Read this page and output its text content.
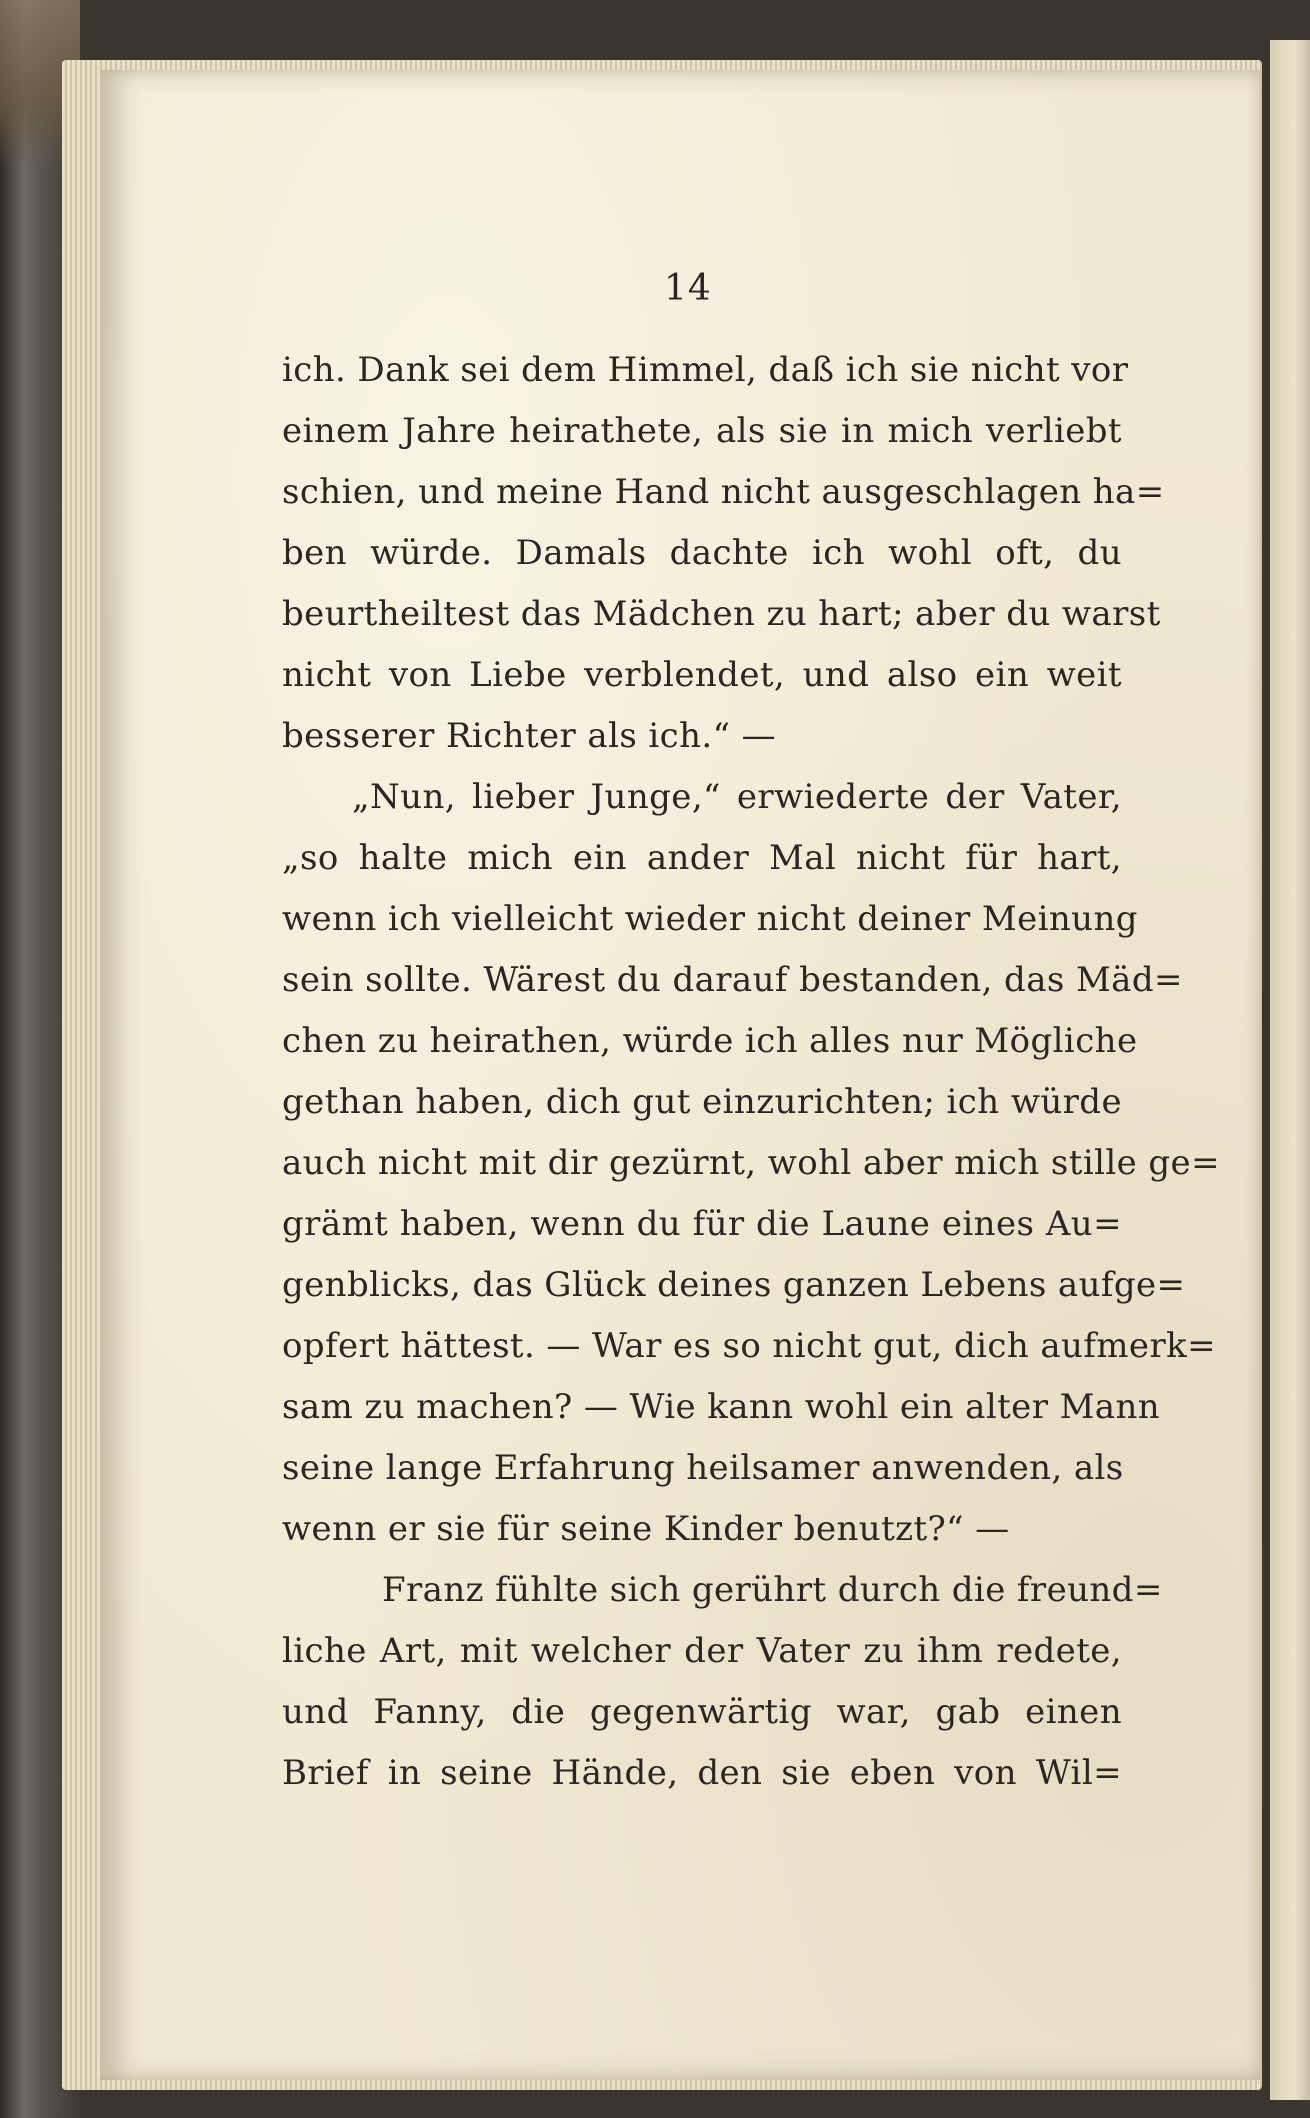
14
ich. Dank sei dem Himmel, daß ich sie nicht vor
einem Jahre heirathete, als sie in mich verliebt
schien, und meine Hand nicht ausgeschlagen ha=
ben würde. Damals dachte ich wohl oft, du
beurtheiltest das Mädchen zu hart; aber du warst
nicht von Liebe verblendet, und also ein weit
besserer Richter als ich.“ —
„Nun, lieber Junge,“ erwiederte der Vater,
„so halte mich ein ander Mal nicht für hart,
wenn ich vielleicht wieder nicht deiner Meinung
sein sollte. Wärest du darauf bestanden, das Mäd=
chen zu heirathen, würde ich alles nur Mögliche
gethan haben, dich gut einzurichten; ich würde
auch nicht mit dir gezürnt, wohl aber mich stille ge=
grämt haben, wenn du für die Laune eines Au=
genblicks, das Glück deines ganzen Lebens aufge=
opfert hättest. — War es so nicht gut, dich aufmerk=
sam zu machen? — Wie kann wohl ein alter Mann
seine lange Erfahrung heilsamer anwenden, als
wenn er sie für seine Kinder benutzt?“ —
Franz fühlte sich gerührt durch die freund=
liche Art, mit welcher der Vater zu ihm redete,
und Fanny, die gegenwärtig war, gab einen
Brief in seine Hände, den sie eben von Wil=
